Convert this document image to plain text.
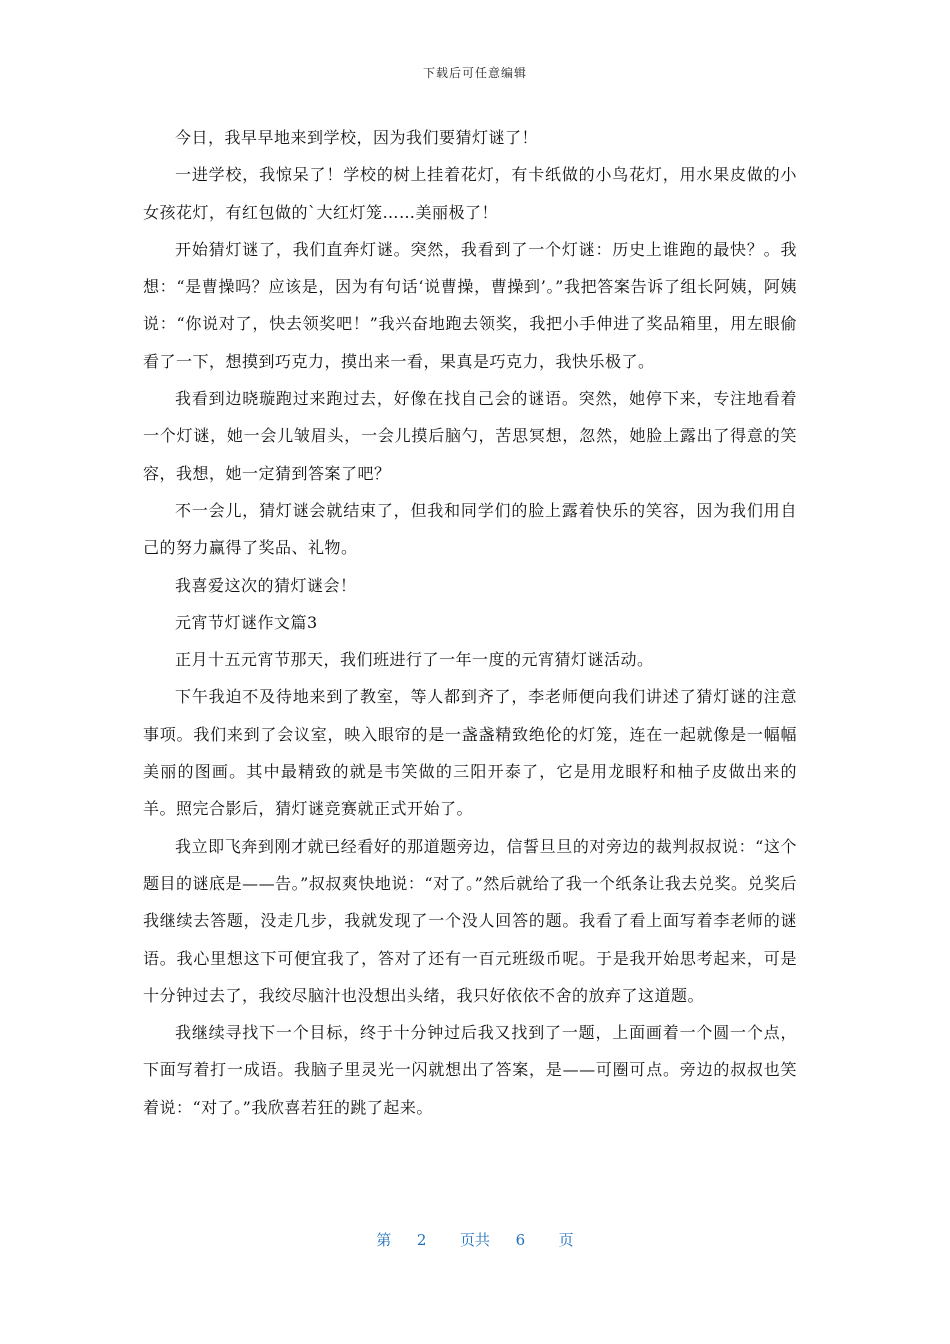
下载后可任意编辑

今日，我早早地来到学校，因为我们要猜灯谜了！

一进学校，我惊呆了！学校的树上挂着花灯，有卡纸做的小鸟花灯，用水果皮做的小女孩花灯，有红包做的`大红灯笼……美丽极了！

开始猜灯谜了，我们直奔灯谜。突然，我看到了一个灯谜：历史上谁跑的最快？。我想：“是曹操吗？应该是，因为有句话‘说曹操，曹操到’。”我把答案告诉了组长阿姨，阿姨说：“你说对了，快去领奖吧！”我兴奋地跑去领奖，我把小手伸进了奖品箱里，用左眼偷看了一下，想摸到巧克力，摸出来一看，果真是巧克力，我快乐极了。

我看到边晓璇跑过来跑过去，好像在找自己会的谜语。突然，她停下来，专注地看着一个灯谜，她一会儿皱眉头，一会儿摸后脑勺，苦思冥想，忽然，她脸上露出了得意的笑容，我想，她一定猜到答案了吧？

不一会儿，猜灯谜会就结束了，但我和同学们的脸上露着快乐的笑容，因为我们用自己的努力赢得了奖品、礼物。

我喜爱这次的猜灯谜会！

元宵节灯谜作文篇3

正月十五元宵节那天，我们班进行了一年一度的元宵猜灯谜活动。

下午我迫不及待地来到了教室，等人都到齐了，李老师便向我们讲述了猜灯谜的注意事项。我们来到了会议室，映入眼帘的是一盏盏精致绝伦的灯笼，连在一起就像是一幅幅美丽的图画。其中最精致的就是韦笑做的三阳开泰了，它是用龙眼籽和柚子皮做出来的羊。照完合影后，猜灯谜竞赛就正式开始了。

我立即飞奔到刚才就已经看好的那道题旁边，信誓旦旦的对旁边的裁判叔叔说：“这个题目的谜底是——告。”叔叔爽快地说：“对了。”然后就给了我一个纸条让我去兑奖。兑奖后我继续去答题，没走几步，我就发现了一个没人回答的题。我看了看上面写着李老师的谜语。我心里想这下可便宜我了，答对了还有一百元班级币呢。于是我开始思考起来，可是十分钟过去了，我绞尽脑汁也没想出头绪，我只好依依不舍的放弃了这道题。

我继续寻找下一个目标，终于十分钟过后我又找到了一题，上面画着一个圆一个点，下面写着打一成语。我脑子里灵光一闪就想出了答案，是——可圈可点。旁边的叔叔也笑着说：“对了。”我欣喜若狂的跳了起来。

第 2 页共 6 页
